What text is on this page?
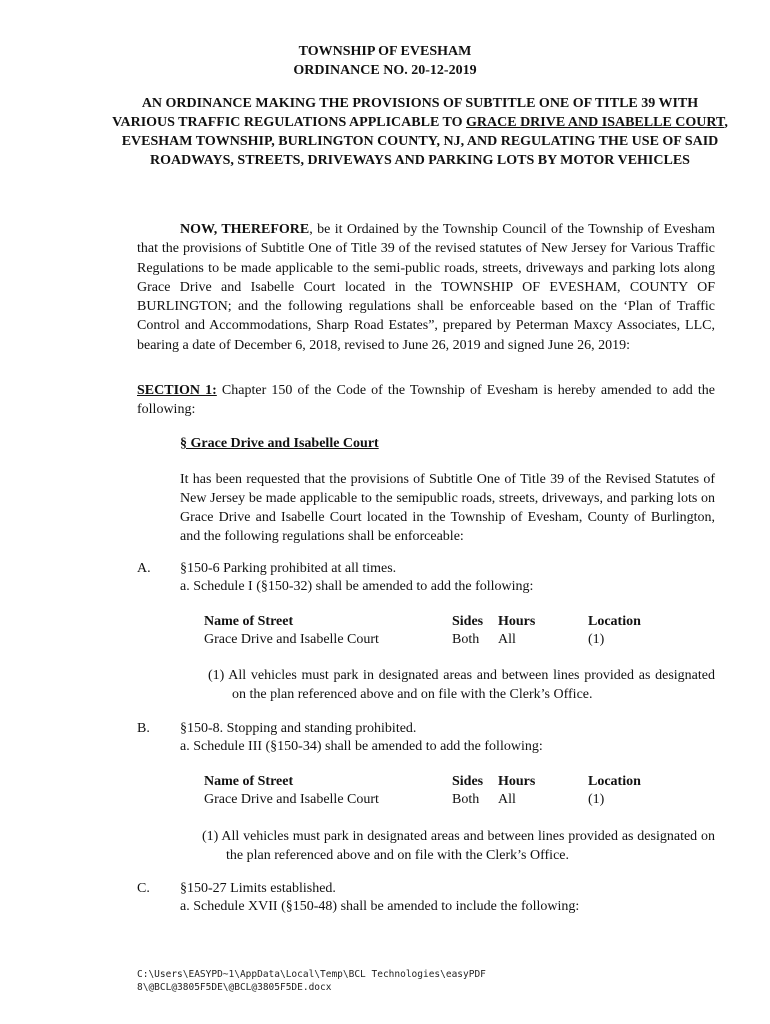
TOWNSHIP OF EVESHAM
ORDINANCE NO. 20-12-2019
AN ORDINANCE MAKING THE PROVISIONS OF SUBTITLE ONE OF TITLE 39 WITH VARIOUS TRAFFIC REGULATIONS APPLICABLE TO GRACE DRIVE AND ISABELLE COURT, EVESHAM TOWNSHIP, BURLINGTON COUNTY, NJ, AND REGULATING THE USE OF SAID ROADWAYS, STREETS, DRIVEWAYS AND PARKING LOTS BY MOTOR VEHICLES
NOW, THEREFORE, be it Ordained by the Township Council of the Township of Evesham that the provisions of Subtitle One of Title 39 of the revised statutes of New Jersey for Various Traffic Regulations to be made applicable to the semi-public roads, streets, driveways and parking lots along Grace Drive and Isabelle Court located in the TOWNSHIP OF EVESHAM, COUNTY OF BURLINGTON; and the following regulations shall be enforceable based on the ‘Plan of Traffic Control and Accommodations, Sharp Road Estates”, prepared by Peterman Maxcy Associates, LLC, bearing a date of December 6, 2018, revised to June 26, 2019 and signed June 26, 2019:
SECTION 1: Chapter 150 of the Code of the Township of Evesham is hereby amended to add the following:
§ Grace Drive and Isabelle Court
It has been requested that the provisions of Subtitle One of Title 39 of the Revised Statutes of New Jersey be made applicable to the semipublic roads, streets, driveways, and parking lots on Grace Drive and Isabelle Court located in the Township of Evesham, County of Burlington, and the following regulations shall be enforceable:
A. §150-6 Parking prohibited at all times.
a. Schedule I (§150-32) shall be amended to add the following:
Name of Street	Sides Hours	Location
Grace Drive and Isabelle Court	Both All	(1)
(1) All vehicles must park in designated areas and between lines provided as designated on the plan referenced above and on file with the Clerk’s Office.
B. §150-8. Stopping and standing prohibited.
a. Schedule III (§150-34) shall be amended to add the following:
Name of Street	Sides Hours	Location
Grace Drive and Isabelle Court	Both All	(1)
(1) All vehicles must park in designated areas and between lines provided as designated on the plan referenced above and on file with the Clerk’s Office.
C. §150-27 Limits established.
a. Schedule XVII (§150-48) shall be amended to include the following:
C:\Users\EASYPD~1\AppData\Local\Temp\BCL Technologies\easyPDF
8\@BCL@3805F5DE\@BCL@3805F5DE.docx
